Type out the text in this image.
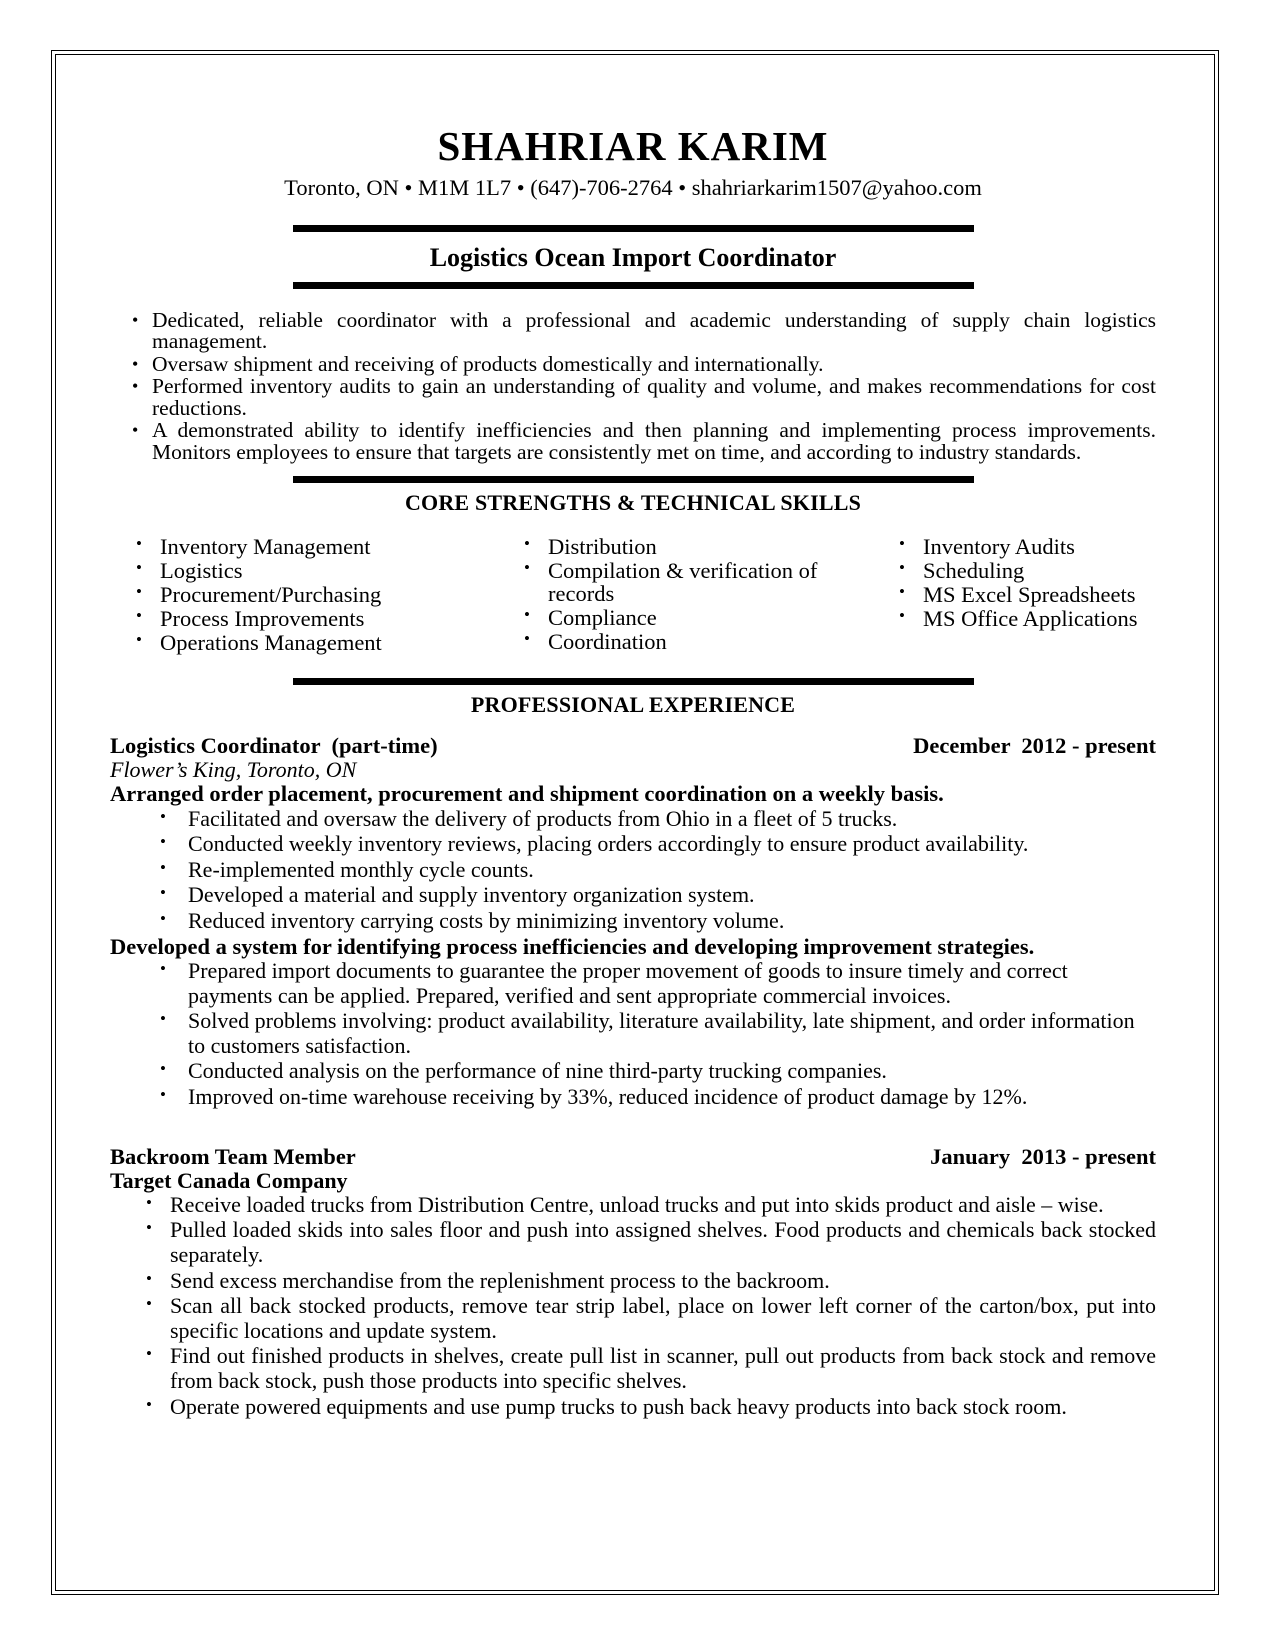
SHAHRIAR KARIM
Toronto, ON • M1M 1L7 • (647)-706-2764 • shahriarkarim1507@yahoo.com
Logistics Ocean Import Coordinator
• Dedicated, reliable coordinator with a professional and academic understanding of supply chain logistics management.
• Oversaw shipment and receiving of products domestically and internationally.
• Performed inventory audits to gain an understanding of quality and volume, and makes recommendations for cost reductions.
• A demonstrated ability to identify inefficiencies and then planning and implementing process improvements. Monitors employees to ensure that targets are consistently met on time, and according to industry standards.
CORE STRENGTHS & TECHNICAL SKILLS
• Inventory Management
• Logistics
• Procurement/Purchasing
• Process Improvements
• Operations Management
• Distribution
• Compilation & verification of records
• Compliance
• Coordination
• Inventory Audits
• Scheduling
• MS Excel Spreadsheets
• MS Office Applications
PROFESSIONAL EXPERIENCE
Logistics Coordinator  (part-time)	December  2012 - present
Flower’s King, Toronto, ON
Arranged order placement, procurement and shipment coordination on a weekly basis.
• Facilitated and oversaw the delivery of products from Ohio in a fleet of 5 trucks.
• Conducted weekly inventory reviews, placing orders accordingly to ensure product availability.
• Re-implemented monthly cycle counts.
• Developed a material and supply inventory organization system.
• Reduced inventory carrying costs by minimizing inventory volume.
Developed a system for identifying process inefficiencies and developing improvement strategies.
• Prepared import documents to guarantee the proper movement of goods to insure timely and correct payments can be applied. Prepared, verified and sent appropriate commercial invoices.
• Solved problems involving: product availability, literature availability, late shipment, and order information to customers satisfaction.
• Conducted analysis on the performance of nine third-party trucking companies.
• Improved on-time warehouse receiving by 33%, reduced incidence of product damage by 12%.
Backroom Team Member	January  2013 - present
Target Canada Company
• Receive loaded trucks from Distribution Centre, unload trucks and put into skids product and aisle – wise.
• Pulled loaded skids into sales floor and push into assigned shelves. Food products and chemicals back stocked separately.
• Send excess merchandise from the replenishment process to the backroom.
• Scan all back stocked products, remove tear strip label, place on lower left corner of the carton/box, put into specific locations and update system.
• Find out finished products in shelves, create pull list in scanner, pull out products from back stock and remove from back stock, push those products into specific shelves.
• Operate powered equipments and use pump trucks to push back heavy products into back stock room.
